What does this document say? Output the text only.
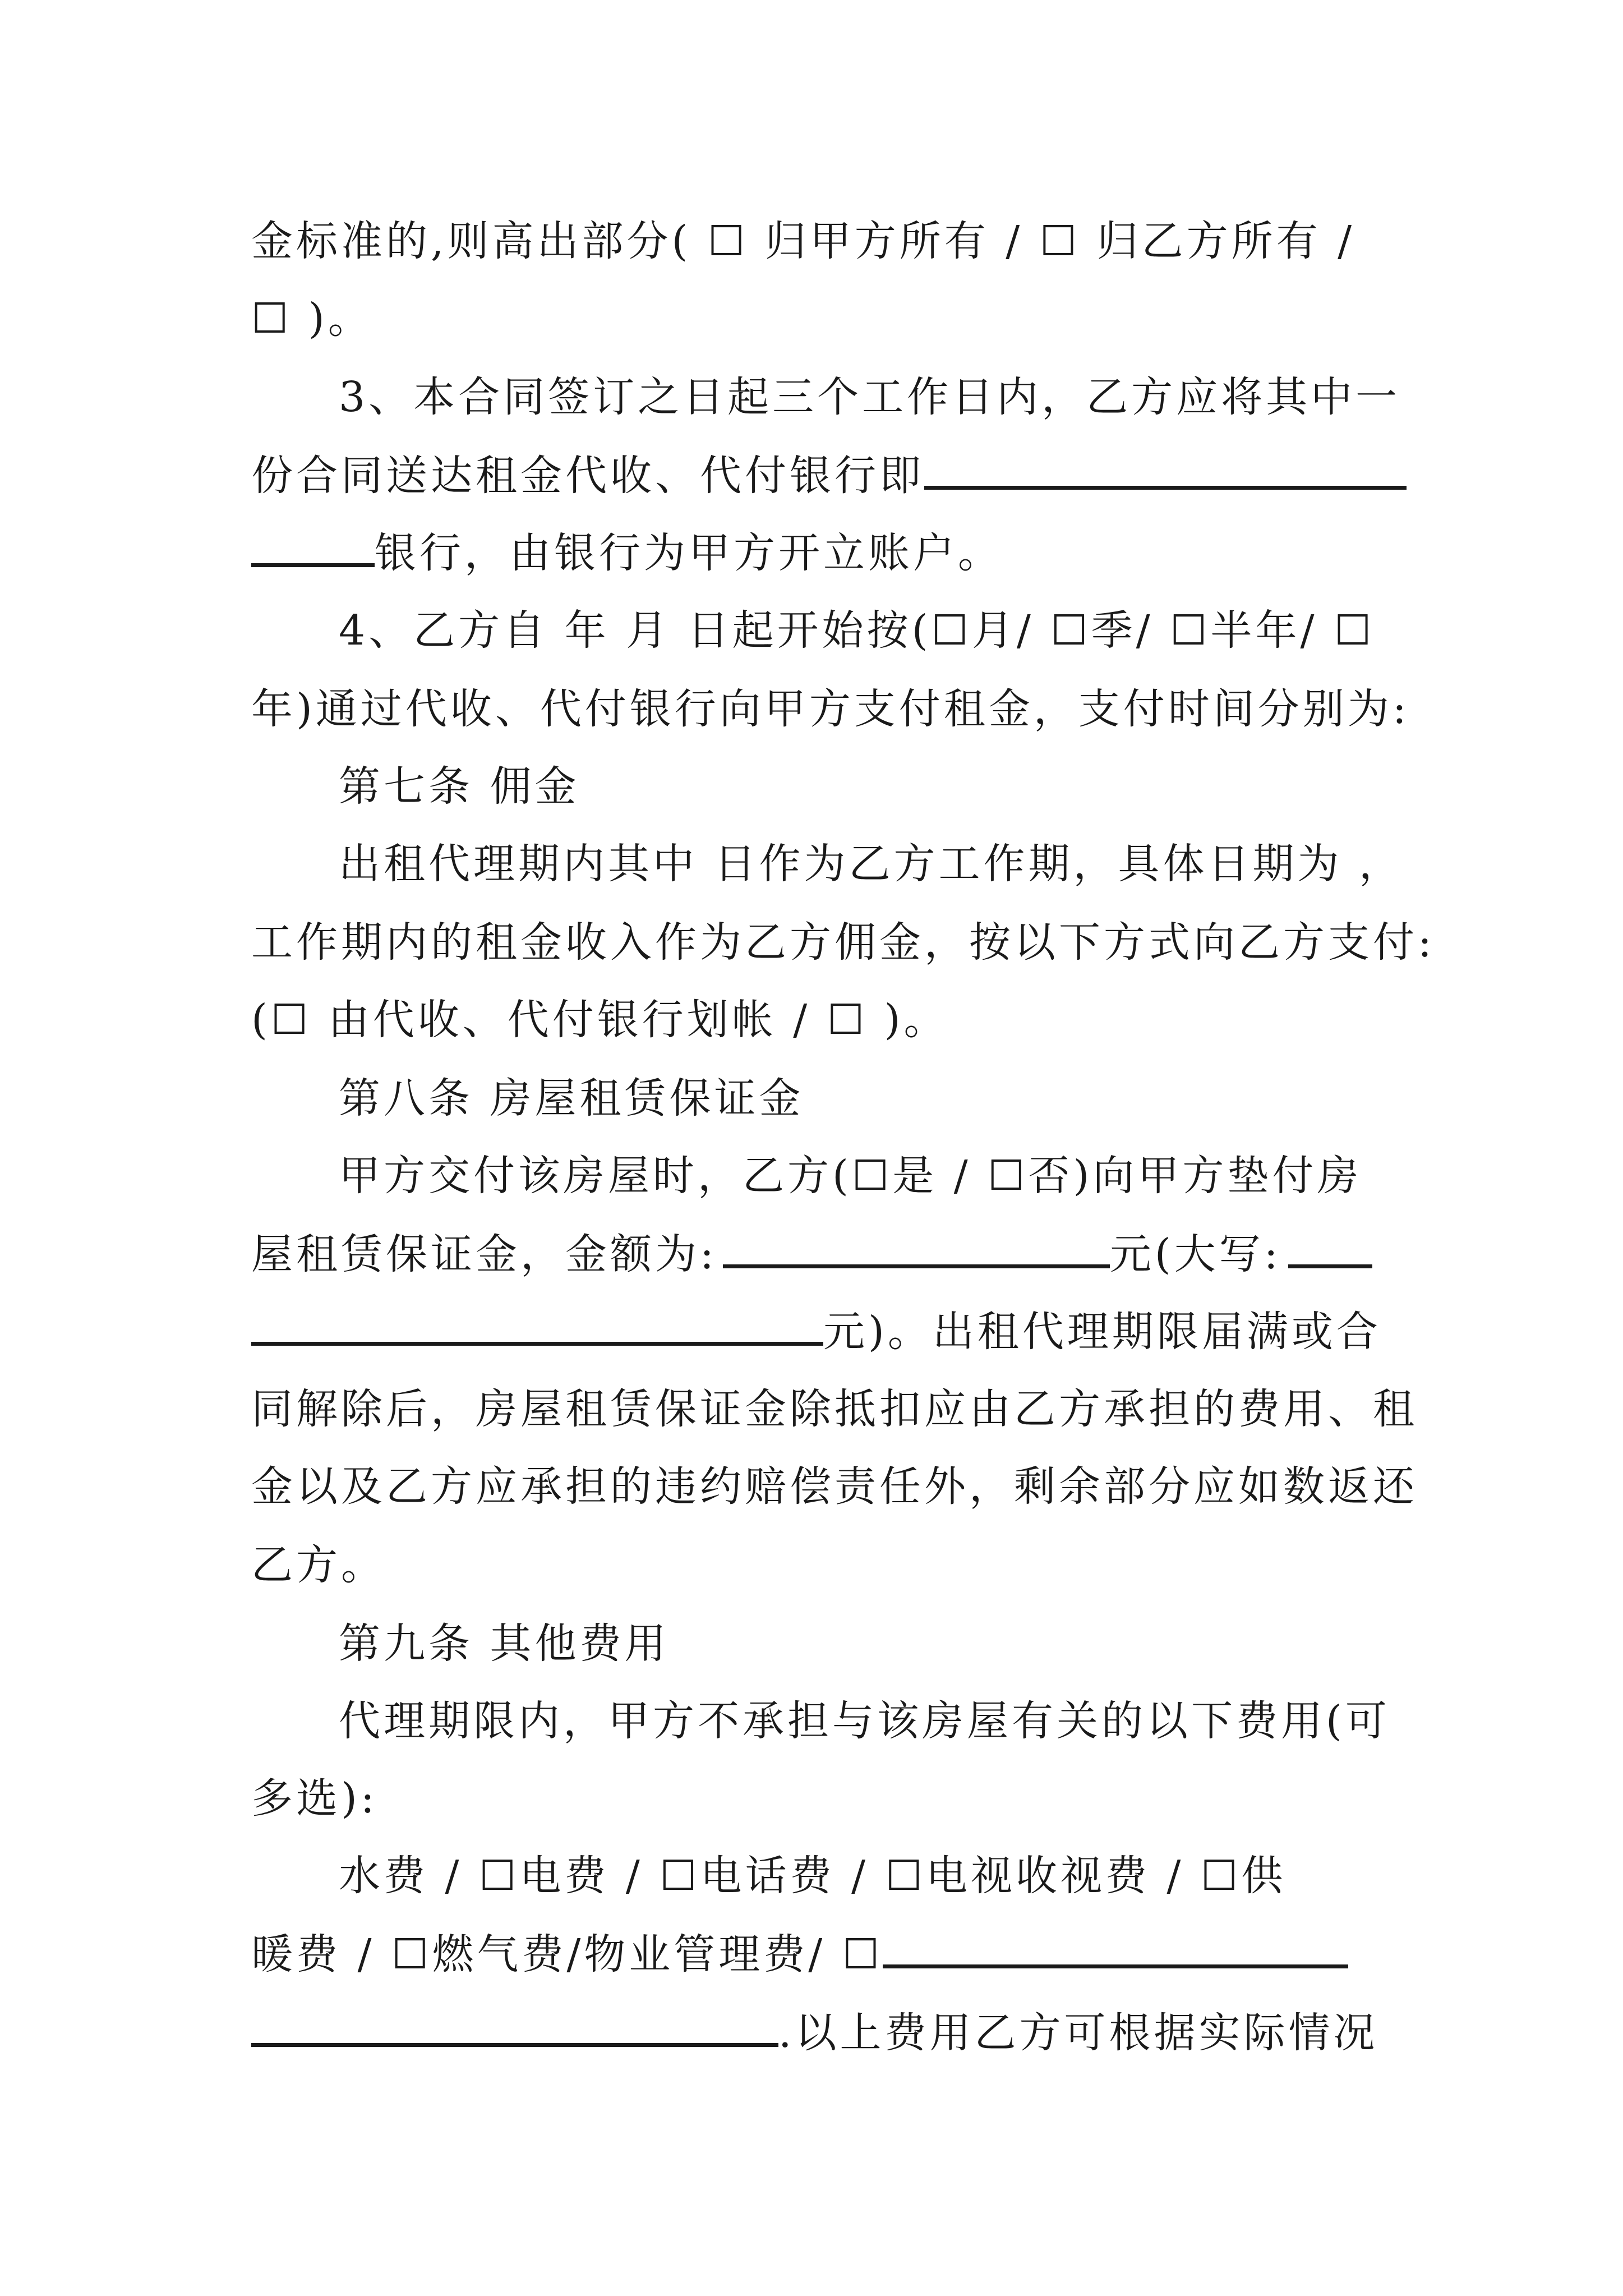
金标准的,则高出部分( ☐ 归甲方所有 / ☐ 归乙方所有 /
☐ )。
3、本合同签订之日起三个工作日内，乙方应将其中一
份合同送达租金代收、代付银行即
银行，由银行为甲方开立账户。
4、乙方自 年 月 日起开始按(☐月/ ☐季/ ☐半年/ ☐
年)通过代收、代付银行向甲方支付租金，支付时间分别为:
第七条 佣金
出租代理期内其中 日作为乙方工作期，具体日期为 ，
工作期内的租金收入作为乙方佣金，按以下方式向乙方支付:
(☐ 由代收、代付银行划帐 / ☐ )。
第八条 房屋租赁保证金
甲方交付该房屋时，乙方(☐是 / ☐否)向甲方垫付房
屋租赁保证金，金额为:	元(大写:
元)。出租代理期限届满或合
同解除后，房屋租赁保证金除抵扣应由乙方承担的费用、租
金以及乙方应承担的违约赔偿责任外，剩余部分应如数返还
乙方。
第九条 其他费用
代理期限内，甲方不承担与该房屋有关的以下费用(可
多选):
水费 / ☐电费 / ☐电话费 / ☐电视收视费 / ☐供
暖费 / ☐燃气费/物业管理费/ ☐
.以上费用乙方可根据实际情况
